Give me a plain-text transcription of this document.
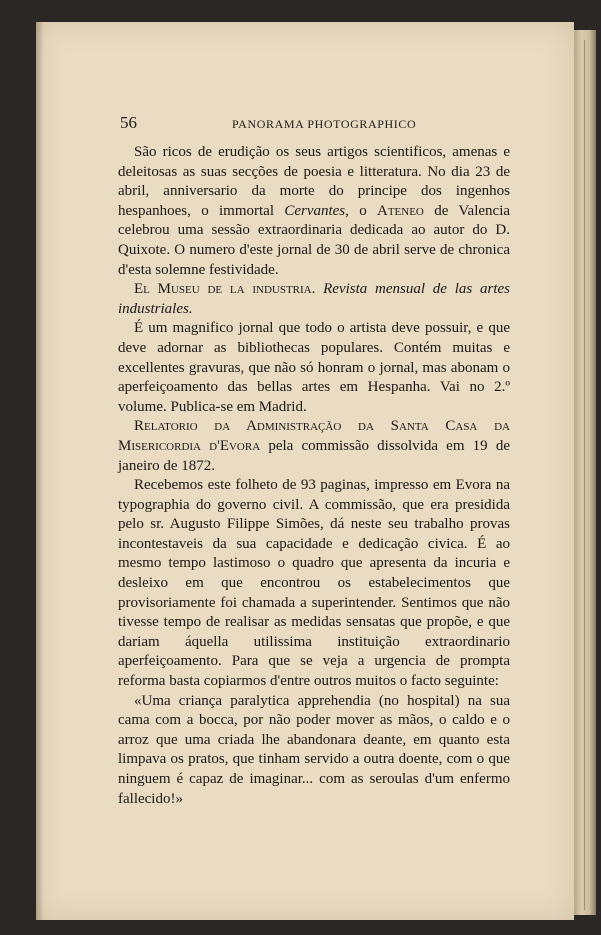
56	PANORAMA PHOTOGRAPHICO

São ricos de erudição os seus artigos scientificos, amenas e deleitosas as suas secções de poesia e litteratura. No dia 23 de abril, anniversario da morte do principe dos ingenhos hespanhoes, o immortal Cervantes, o Ateneo de Valencia celebrou uma sessão extraordinaria dedicada ao autor do D. Quixote. O numero d'este jornal de 30 de abril serve de chronica d'esta solemne festividade.

El Museu de la industria. Revista mensual de las artes industriales.

É um magnifico jornal que todo o artista deve possuir, e que deve adornar as bibliothecas populares. Contém muitas e excellentes gravuras, que não só honram o jornal, mas abonam o aperfeiçoamento das bellas artes em Hespanha. Vai no 2.º volume. Publica-se em Madrid.

Relatorio da Administração da Santa Casa da Misericordia d'Evora pela commissão dissolvida em 19 de janeiro de 1872.

Recebemos este folheto de 93 paginas, impresso em Evora na typographia do governo civil. A commissão, que era presidida pelo sr. Augusto Filippe Simões, dá neste seu trabalho provas incontestaveis da sua capacidade e dedicação civica. É ao mesmo tempo lastimoso o quadro que apresenta da incuria e desleixo em que encontrou os estabelecimentos que provisoriamente foi chamada a superintender. Sentimos que não tivesse tempo de realisar as medidas sensatas que propõe, e que dariam áquella utilissima instituição extraordinario aperfeiçoamento. Para que se veja a urgencia de prompta reforma basta copiarmos d'entre outros muitos o facto seguinte:

«Uma criança paralytica apprehendia (no hospital) na sua cama com a bocca, por não poder mover as mãos, o caldo e o arroz que uma criada lhe abandonara deante, em quanto esta limpava os pratos, que tinham servido a outra doente, com o que ninguem é capaz de imaginar... com as seroulas d'um enfermo fallecido!»
